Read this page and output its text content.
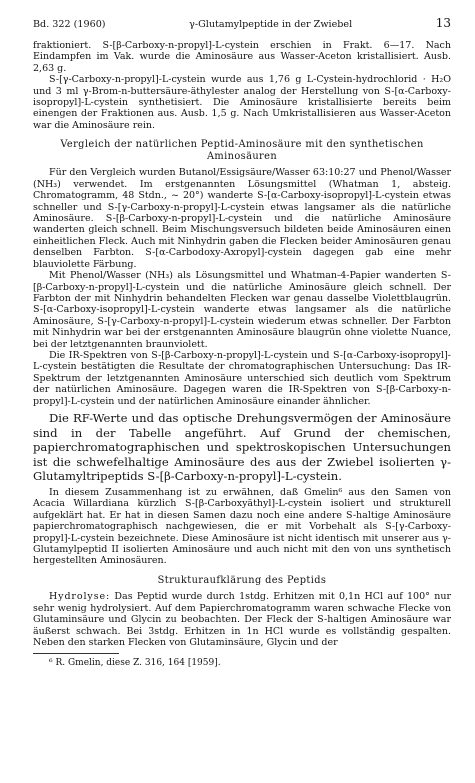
Bd. 322 (1960)	γ-Glutamylpeptide in der Zwiebel	13

fraktioniert. S-[β-Carboxy-n-propyl]-L-cystein erschien in Frakt. 6—17. Nach Eindampfen im Vak. wurde die Aminosäure aus Wasser-Aceton kristallisiert. Ausb. 2,63 g.

S-[γ-Carboxy-n-propyl]-L-cystein wurde aus 1,76 g L-Cystein-hydrochlorid · H₂O und 3 ml γ-Brom-n-buttersäure-äthylester analog der Herstellung von S-[α-Carboxy-isopropyl]-L-cystein synthetisiert. Die Aminosäure kristallisierte bereits beim einengen der Fraktionen aus. Ausb. 1,5 g. Nach Umkristallisieren aus Wasser-Aceton war die Aminosäure rein.

Vergleich der natürlichen Peptid-Aminosäure mit den synthetischen Aminosäuren

Für den Vergleich wurden Butanol/Essigsäure/Wasser 63:10:27 und Phenol/Wasser (NH₃) verwendet. Im erstgenannten Lösungsmittel (Whatman 1, absteig. Chromatogramm, 48 Stdn., ~ 20°) wanderte S-[α-Carboxy-isopropyl]-L-cystein etwas schneller und S-[γ-Carboxy-n-propyl]-L-cystein etwas langsamer als die natürliche Aminosäure. S-[β-Carboxy-n-propyl]-L-cystein und die natürliche Aminosäure wanderten gleich schnell. Beim Mischungsversuch bildeten beide Aminosäuren einen einheitlichen Fleck. Auch mit Ninhydrin gaben die Flecken beider Aminosäuren genau denselben Farbton. S-[α-Carbodoxy-Axropyl]-cystein dagegen gab eine mehr blauviolette Färbung.

Mit Phenol/Wasser (NH₃) als Lösungsmittel und Whatman-4-Papier wanderten S-[β-Carboxy-n-propyl]-L-cystein und die natürliche Aminosäure gleich schnell. Der Farbton der mit Ninhydrin behandelten Flecken war genau dasselbe Violettblaugrün. S-[α-Carboxy-isopropyl]-L-cystein wanderte etwas langsamer als die natürliche Aminosäure, S-[γ-Carboxy-n-propyl]-L-cystein wiederum etwas schneller. Der Farbton mit Ninhydrin war bei der erstgenannten Aminosäure blaugrün ohne violette Nuance, bei der letztgenannten braunviolett.

Die IR-Spektren von S-[β-Carboxy-n-propyl]-L-cystein und S-[α-Carboxy-isopropyl]-L-cystein bestätigten die Resultate der chromatographischen Untersuchung: Das IR-Spektrum der letztgenannten Aminosäure unterschied sich deutlich vom Spektrum der natürlichen Aminosäure. Dagegen waren die IR-Spektren von S-[β-Carboxy-n-propyl]-L-cystein und der natürlichen Aminosäure einander ähnlicher.

Die RF-Werte und das optische Drehungsvermögen der Aminosäure sind in der Tabelle angeführt. Auf Grund der chemischen, papierchromatographischen und spektroskopischen Untersuchungen ist die schwefelhaltige Aminosäure des aus der Zwiebel isolierten γ-Glutamyltripeptids S-[β-Carboxy-n-propyl]-L-cystein.

In diesem Zusammenhang ist zu erwähnen, daß Gmelin⁶ aus den Samen von Acacia Willardiana kürzlich S-[β-Carboxyäthyl]-L-cystein isoliert und strukturell aufgeklärt hat. Er hat in diesen Samen dazu noch eine andere S-haltige Aminosäure papierchromatographisch nachgewiesen, die er mit Vorbehalt als S-[γ-Carboxy-propyl]-L-cystein bezeichnete. Diese Aminosäure ist nicht identisch mit unserer aus γ-Glutamylpeptid II isolierten Aminosäure und auch nicht mit den von uns synthetisch hergestellten Aminosäuren.

Strukturaufklärung des Peptids

Hydrolyse: Das Peptid wurde durch 1stdg. Erhitzen mit 0,1n HCl auf 100° nur sehr wenig hydrolysiert. Auf dem Papierchromatogramm waren schwache Flecke von Glutaminsäure und Glycin zu beobachten. Der Fleck der S-haltigen Aminosäure war äußerst schwach. Bei 3stdg. Erhitzen in 1n HCl wurde es vollständig gespalten. Neben den starken Flecken von Glutaminsäure, Glycin und der

⁶ R. Gmelin, diese Z. 316, 164 [1959].
